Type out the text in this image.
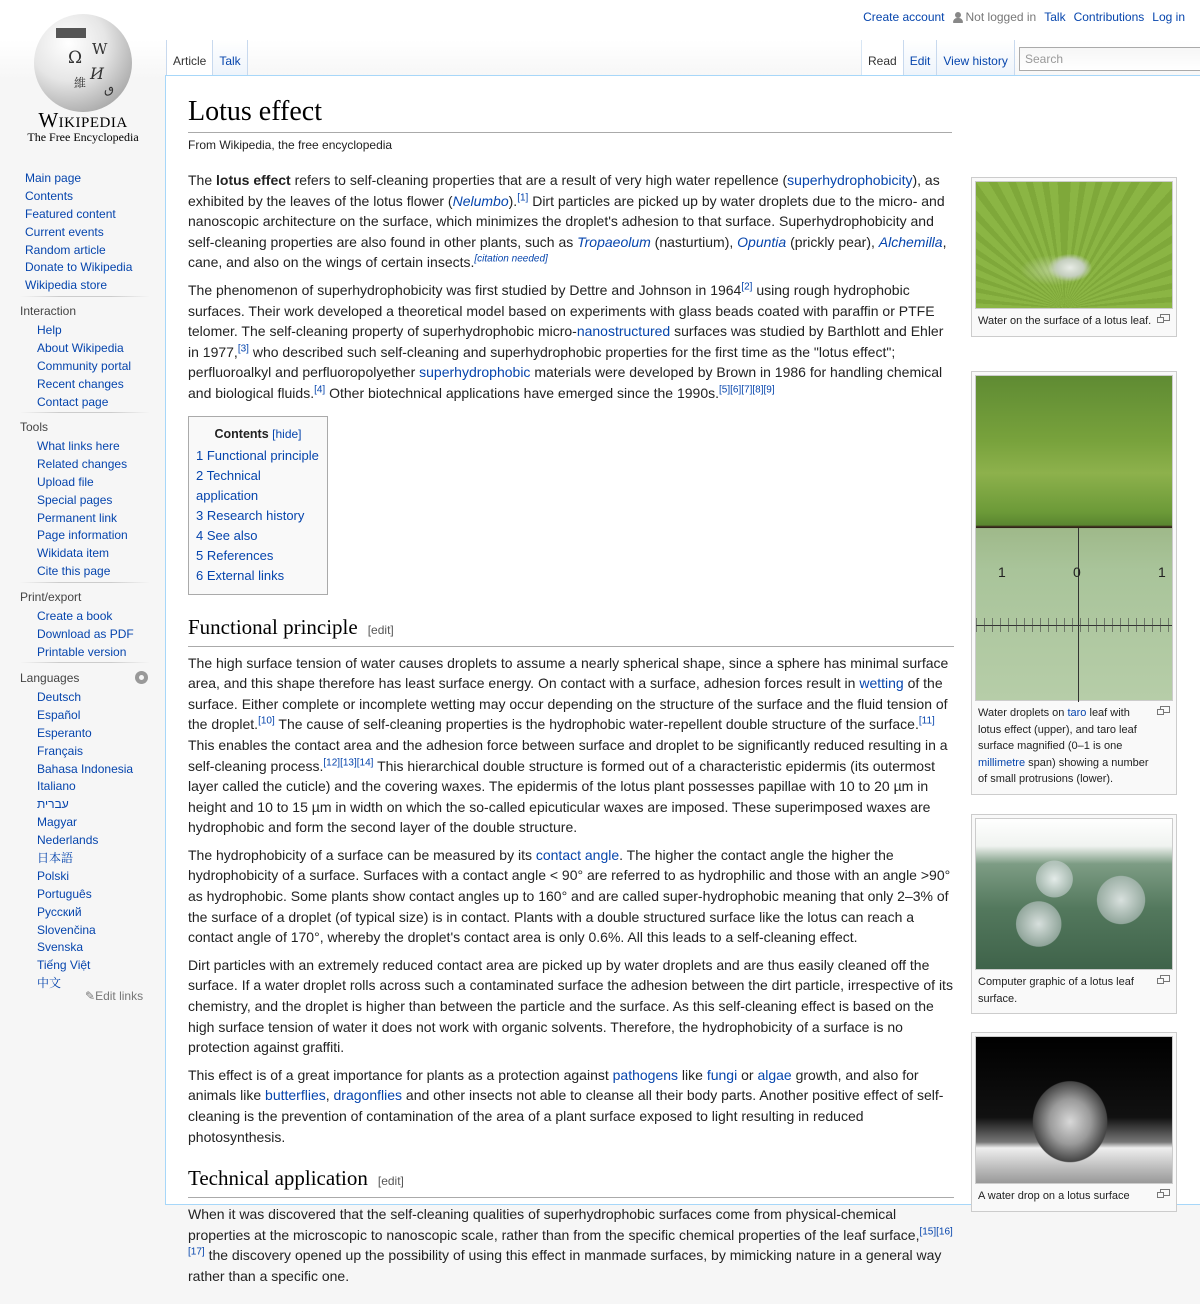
Ω W
И
維 ٯ
Wikipedia
The Free Encyclopedia
Create account Not logged in Talk Contributions Log in
Article	Talk	Read	Edit	View history
Search
Main page
Contents
Featured content
Current events
Random article
Donate to Wikipedia
Wikipedia store
Interaction
Help
About Wikipedia
Community portal
Recent changes
Contact page
Tools
What links here
Related changes
Upload file
Special pages
Permanent link
Page information
Wikidata item
Cite this page
Print/export
Create a book
Download as PDF
Printable version
Languages
Deutsch
Español
Esperanto
Français
Bahasa Indonesia
Italiano
עברית
Magyar
Nederlands
日本語
Polski
Português
Русский
Slovenčina
Svenska
Tiếng Việt
中文
✎Edit links
Lotus effect
From Wikipedia, the free encyclopedia

The lotus effect refers to self-cleaning properties that are a result of very high water repellence (superhydrophobicity), as exhibited by the leaves of the lotus flower (Nelumbo).[1] Dirt particles are picked up by water droplets due to the micro- and nanoscopic architecture on the surface, which minimizes the droplet's adhesion to that surface. Superhydrophobicity and self-cleaning properties are also found in other plants, such as Tropaeolum (nasturtium), Opuntia (prickly pear), Alchemilla, cane, and also on the wings of certain insects.[citation needed]

The phenomenon of superhydrophobicity was first studied by Dettre and Johnson in 1964[2] using rough hydrophobic surfaces. Their work developed a theoretical model based on experiments with glass beads coated with paraffin or PTFE telomer. The self-cleaning property of superhydrophobic micro-nanostructured surfaces was studied by Barthlott and Ehler in 1977,[3] who described such self-cleaning and superhydrophobic properties for the first time as the "lotus effect"; perfluoroalkyl and perfluoropolyether superhydrophobic materials were developed by Brown in 1986 for handling chemical and biological fluids.[4] Other biotechnical applications have emerged since the 1990s.[5][6][7][8][9]

Contents [hide]
1 Functional principle
2 Technical application
3 Research history
4 See also
5 References
6 External links
Functional principle [edit]

The high surface tension of water causes droplets to assume a nearly spherical shape, since a sphere has minimal surface area, and this shape therefore has least surface energy. On contact with a surface, adhesion forces result in wetting of the surface. Either complete or incomplete wetting may occur depending on the structure of the surface and the fluid tension of the droplet.[10] The cause of self-cleaning properties is the hydrophobic water-repellent double structure of the surface.[11] This enables the contact area and the adhesion force between surface and droplet to be significantly reduced resulting in a self-cleaning process.[12][13][14] This hierarchical double structure is formed out of a characteristic epidermis (its outermost layer called the cuticle) and the covering waxes. The epidermis of the lotus plant possesses papillae with 10 to 20 µm in height and 10 to 15 µm in width on which the so-called epicuticular waxes are imposed. These superimposed waxes are hydrophobic and form the second layer of the double structure.

The hydrophobicity of a surface can be measured by its contact angle. The higher the contact angle the higher the hydrophobicity of a surface. Surfaces with a contact angle < 90° are referred to as hydrophilic and those with an angle >90° as hydrophobic. Some plants show contact angles up to 160° and are called super-hydrophobic meaning that only 2–3% of the surface of a droplet (of typical size) is in contact. Plants with a double structured surface like the lotus can reach a contact angle of 170°, whereby the droplet's contact area is only 0.6%. All this leads to a self-cleaning effect.

Dirt particles with an extremely reduced contact area are picked up by water droplets and are thus easily cleaned off the surface. If a water droplet rolls across such a contaminated surface the adhesion between the dirt particle, irrespective of its chemistry, and the droplet is higher than between the particle and the surface. As this self-cleaning effect is based on the high surface tension of water it does not work with organic solvents. Therefore, the hydrophobicity of a surface is no protection against graffiti.

This effect is of a great importance for plants as a protection against pathogens like fungi or algae growth, and also for animals like butterflies, dragonflies and other insects not able to cleanse all their body parts. Another positive effect of self-cleaning is the prevention of contamination of the area of a plant surface exposed to light resulting in reduced photosynthesis.

Technical application [edit]

When it was discovered that the self-cleaning qualities of superhydrophobic surfaces come from physical-chemical properties at the microscopic to nanoscopic scale, rather than from the specific chemical properties of the leaf surface,[15][16][17] the discovery opened up the possibility of using this effect in manmade surfaces, by mimicking nature in a general way rather than a specific one.

Water on the surface of a lotus leaf.
1	0	1
Water droplets on taro leaf with lotus effect (upper), and taro leaf surface magnified (0–1 is one millimetre span) showing a number of small protrusions (lower).
Computer graphic of a lotus leaf surface.
A water drop on a lotus surface
